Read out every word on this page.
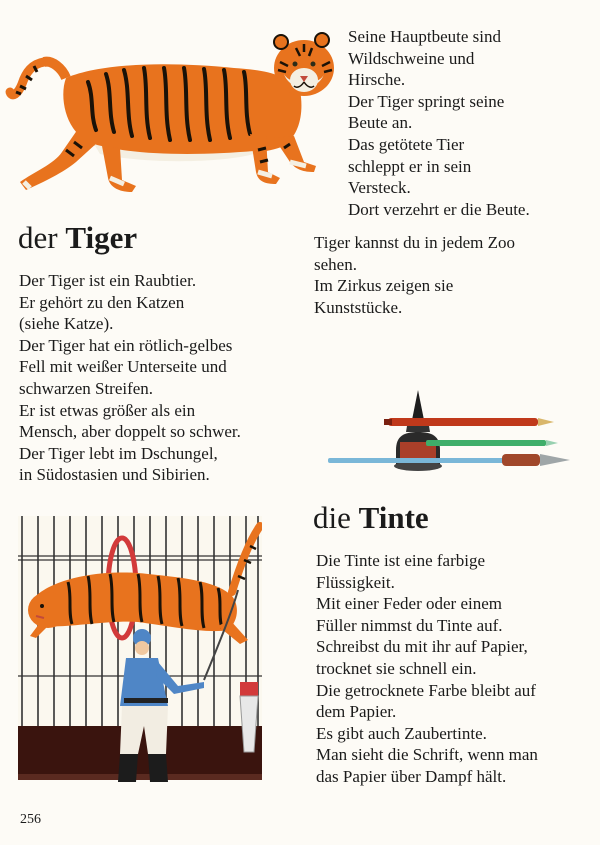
der Tiger
Der Tiger ist ein Raubtier.
Er gehört zu den Katzen
(siehe Katze).
Der Tiger hat ein rötlich-gelbes
Fell mit weißer Unterseite und
schwarzen Streifen.
Er ist etwas größer als ein
Mensch, aber doppelt so schwer.
Der Tiger lebt im Dschungel,
in Südostasien und Sibirien.
Seine Hauptbeute sind
Wildschweine und
Hirsche.
Der Tiger springt seine
Beute an.
Das getötete Tier
schleppt er in sein
Versteck.
Dort verzehrt er die Beute.
Tiger kannst du in jedem Zoo
sehen.
Im Zirkus zeigen sie
Kunststücke.
die Tinte
Die Tinte ist eine farbige
Flüssigkeit.
Mit einer Feder oder einem
Füller nimmst du Tinte auf.
Schreibst du mit ihr auf Papier,
trocknet sie schnell ein.
Die getrocknete Farbe bleibt auf
dem Papier.
Es gibt auch Zaubertinte.
Man sieht die Schrift, wenn man
das Papier über Dampf hält.
256
